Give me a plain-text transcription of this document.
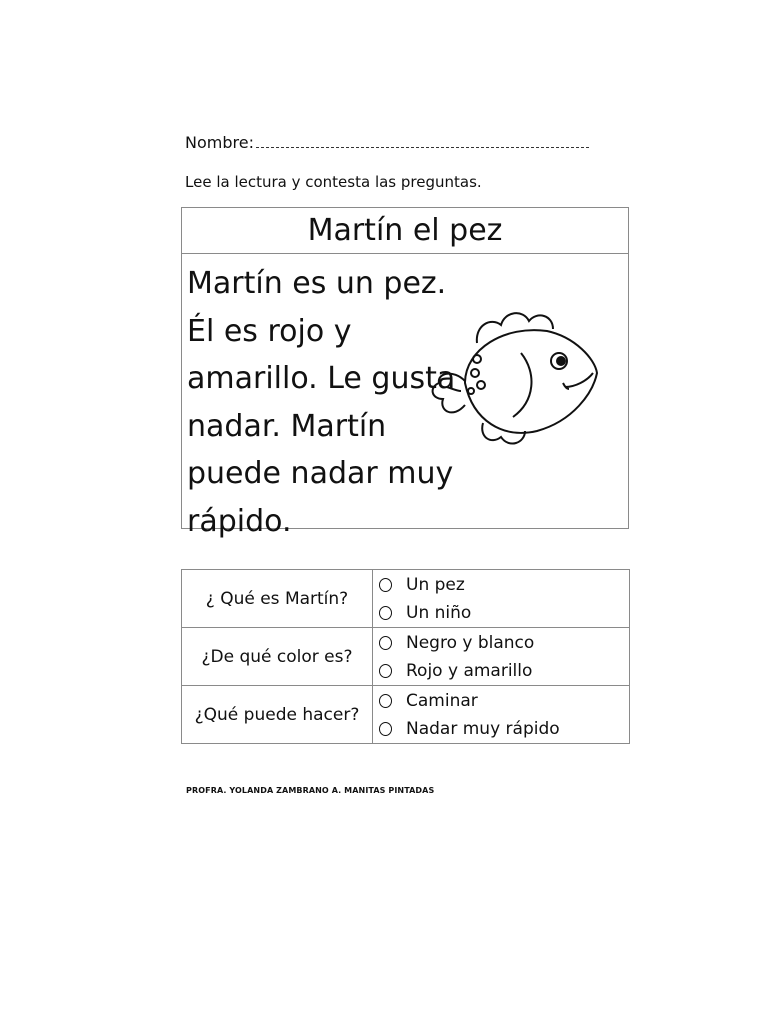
Nombre:
Lee la lectura y contesta las preguntas.
Martín el pez
Martín es un pez.
Él es rojo y
amarillo. Le gusta
nadar. Martín
puede nadar muy
rápido.
¿ Qué es Martín?	Un pez
Un niño

¿De qué color es?	Negro y blanco
Rojo y amarillo

¿Qué puede hacer?	Caminar
Nadar muy rápido
PROFRA. YOLANDA ZAMBRANO A. MANITAS PINTADAS
